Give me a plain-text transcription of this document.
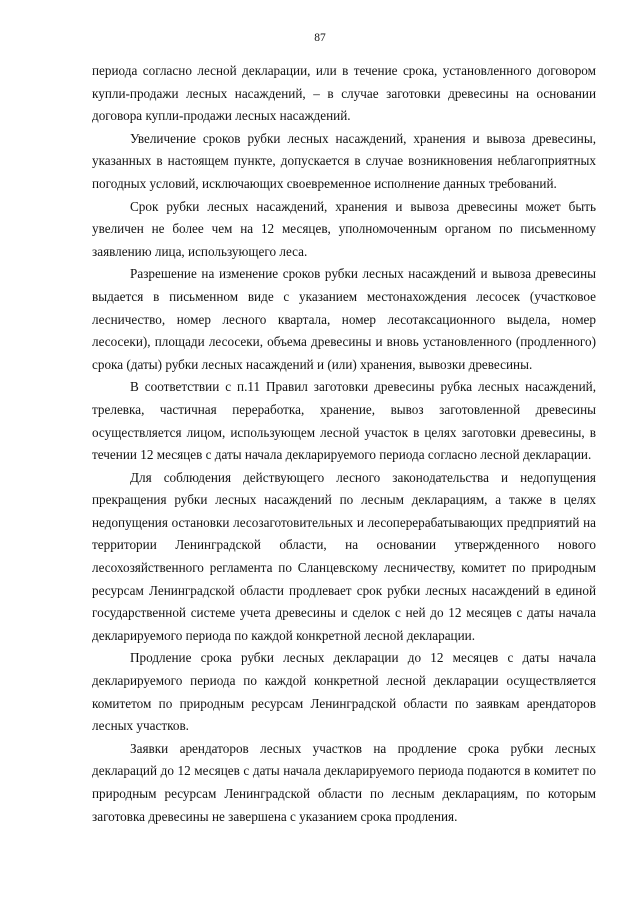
87

периода согласно лесной декларации, или в течение срока, установленного договором купли-продажи лесных насаждений, – в случае заготовки древесины на основании договора купли-продажи лесных насаждений.

Увеличение сроков рубки лесных насаждений, хранения и вывоза древесины, указанных в настоящем пункте, допускается в случае возникновения неблагоприятных погодных условий, исключающих своевременное исполнение данных требований.

Срок рубки лесных насаждений, хранения и вывоза древесины может быть увеличен не более чем на 12 месяцев, уполномоченным органом по письменному заявлению лица, использующего леса.

Разрешение на изменение сроков рубки лесных насаждений и вывоза древесины выдается в письменном виде с указанием местонахождения лесосек (участковое лесничество, номер лесного квартала, номер лесотаксационного выдела, номер лесосеки), площади лесосеки, объема древесины и вновь установленного (продленного) срока (даты) рубки лесных насаждений и (или) хранения, вывозки древесины.

В соответствии с п.11 Правил заготовки древесины рубка лесных насаждений, трелевка, частичная переработка, хранение, вывоз заготовленной древесины осуществляется лицом, использующем лесной участок в целях заготовки древесины, в течении 12 месяцев с даты начала декларируемого периода согласно лесной декларации.

Для соблюдения действующего лесного законодательства и недопущения прекращения рубки лесных насаждений по лесным декларациям, а также в целях недопущения остановки лесозаготовительных и лесоперерабатывающих предприятий на территории Ленинградской области, на основании утвержденного нового лесохозяйственного регламента по Сланцевскому лесничеству, комитет по природным ресурсам Ленинградской области продлевает срок рубки лесных насаждений в единой государственной системе учета древесины и сделок с ней до 12 месяцев с даты начала декларируемого периода по каждой конкретной лесной декларации.

Продление срока рубки лесных декларации до 12 месяцев с даты начала декларируемого периода по каждой конкретной лесной декларации осуществляется комитетом по природным ресурсам Ленинградской области по заявкам арендаторов лесных участков.

Заявки арендаторов лесных участков на продление срока рубки лесных деклараций до 12 месяцев с даты начала декларируемого периода подаются в комитет по природным ресурсам Ленинградской области по лесным декларациям, по которым заготовка древесины не завершена с указанием срока продления.
